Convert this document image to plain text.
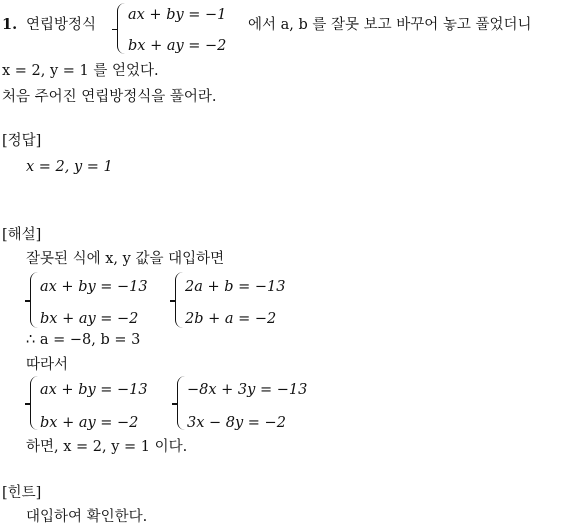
1. 연립방정식
ax + by = −1
bx + ay = −2
에서 a, b 를 잘못 보고 바꾸어 놓고 풀었더니
x = 2, y = 1 를 얻었다.
처음 주어진 연립방정식을 풀어라.
[정답]
x = 2, y = 1
[해설]
잘못된 식에 x, y 값을 대입하면
ax + by = −13
bx + ay = −2
2a + b = −13
2b + a = −2
∴ a = −8, b = 3
따라서
ax + by = −13
bx + ay = −2
−8x + 3y = −13
3x − 8y = −2
하면, x = 2, y = 1 이다.
[힌트]
대입하여 확인한다.
